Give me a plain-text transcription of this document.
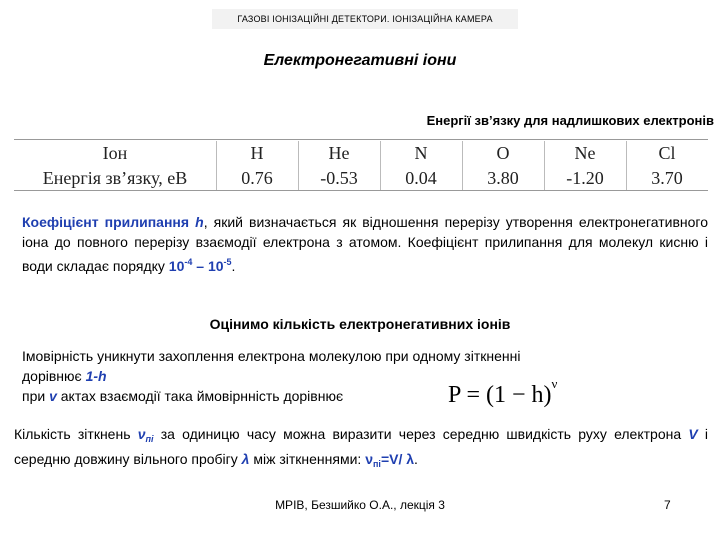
ГАЗОВІ ІОНІЗАЦІЙНІ ДЕТЕКТОРИ. ІОНІЗАЦІЙНА КАМЕРА
Електронегативні іони
Енергії зв’язку для надлишкових електронів
Іон	H	He	N	O	Ne	Cl
Енергія зв’язку, еВ	0.76	-0.53	0.04	3.80	-1.20	3.70
Коефіцієнт прилипання h, який визначається як відношення перерізу утворення електронегативного іона до повного перерізу взаємодії електрона з атомом. Коефіцієнт прилипання для молекул кисню і води складає порядку $10^{-4} - 10^{-5}$.
Оцінимо кількість електронегативних іонів
Імовірність уникнути захоплення електрона молекулою при одному зіткненні
дорівнює 1-h
при v актах взаємодії така ймовірнність дорівнює	$P = (1 - h)^\nu$
Кількість зіткнень $\nu_{пі}$ за одиницю часу можна виразити через середню швидкість руху електрона V і середню довжину вільного пробігу λ між зіткненнями: $\nu_{пі}=V/$ λ.
МРІВ, Безшийко О.А., лекція 3	7
